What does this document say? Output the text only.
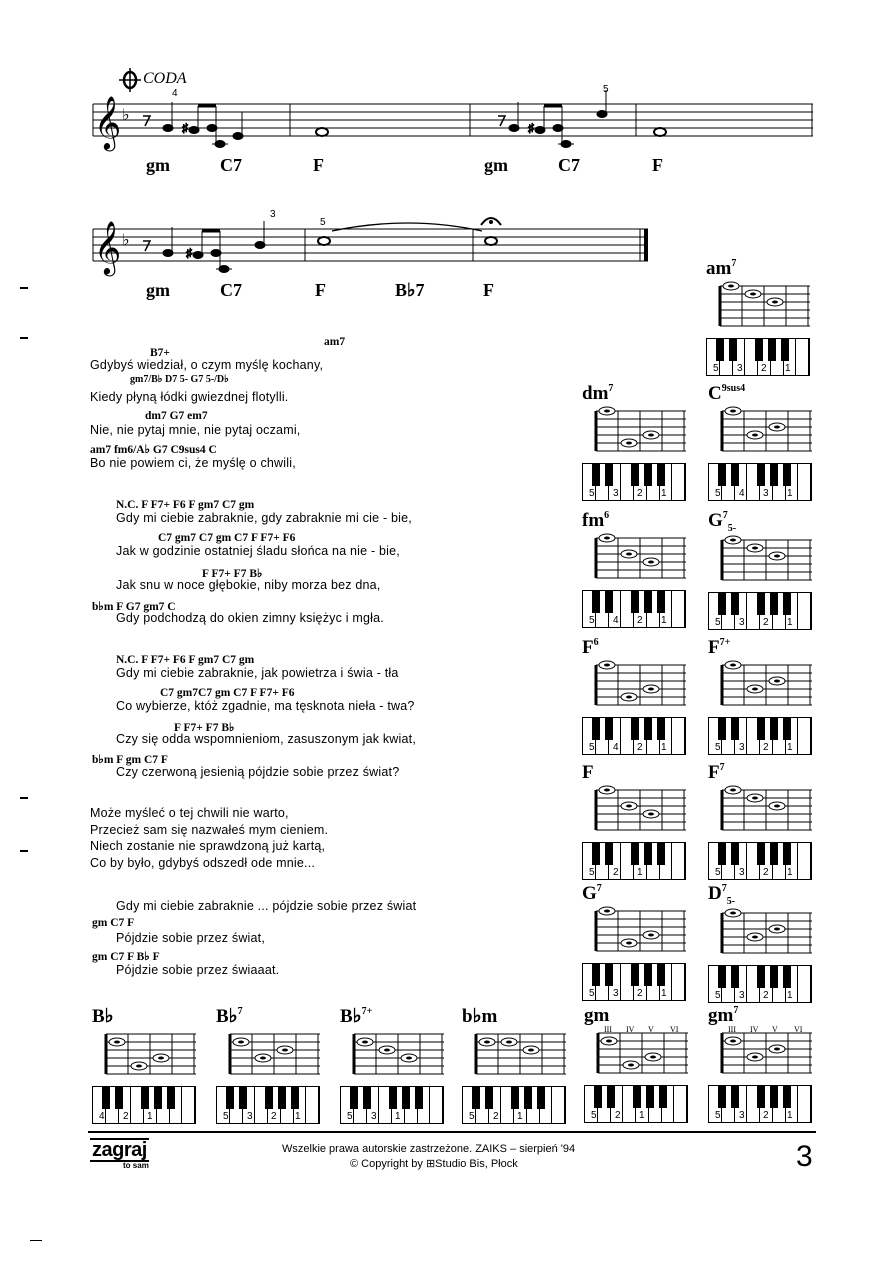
CODA
𝄞 ♭
♯	♯
4	5
gm	C7	F	gm	C7	F
𝄞 ♭
♯
3
5
gm	C7	F	B♭7	F
am7
B7+
Gdybyś wiedział, o czym myślę kochany,
gm7/B♭ D7 5- G7 5-/D♭
Kiedy płyną łódki gwiezdnej flotylli.
dm7 G7 em7
Nie, nie pytaj mnie, nie pytaj oczami,
am7 fm6/A♭ G7 C9sus4 C
Bo nie powiem ci, że myślę o chwili,
N.C. F F7+ F6 F gm7 C7 gm
Gdy mi ciebie zabraknie, gdy zabraknie mi cie - bie,
C7 gm7 C7 gm C7 F F7+ F6
Jak w godzinie ostatniej śladu słońca na nie - bie,
F F7+ F7 B♭
Jak snu w noce głębokie, niby morza bez dna,
b♭m F G7 gm7 C
Gdy podchodzą do okien zimny księżyc i mgła.
N.C. F F7+ F6 F gm7 C7 gm
Gdy mi ciebie zabraknie, jak powietrza i świa - tła
C7 gm7C7 gm C7 F F7+ F6
Co wybierze, któż zgadnie, ma tęsknota nieła - twa?
F F7+ F7 B♭
Czy się odda wspomnieniom, zasuszonym jak kwiat,
b♭m F gm C7 F
Czy czerwoną jesienią pójdzie sobie przez świat?
Może myśleć o tej chwili nie warto,
Przecież sam się nazwałeś mym cieniem.
Niech zostanie nie sprawdzoną już kartą,
Co by było, gdybyś odszedł ode mnie...
Gdy mi ciebie zabraknie ... pójdzie sobie przez świat
gm C7 F
Pójdzie sobie przez świat,
gm C7 F B♭ F
Pójdzie sobie przez świaaat.
$am^7$
5 3 2 1
$dm^7$
5 3 2 1
$C^{9sus4}$
5 4 3 1
$fm^6$
5 4 2 1
$G^7_{5-}$
5 3 2 1
$F^6$
5 4 2 1
$F^{7+}$
5 3 2 1
F
5 2 1
$F^7$
5 3 2 1
$G^7$
5 3 2 1
$D^7_{5-}$
5 3 2 1
B♭
4 2 1
B♭$^7$
5 3 2 1
B♭$^{7+}$
5 3 1
b♭m
5 2 1
gm
III IV V VI
5 2 1
$gm^7$
III IV V VI
5 3 2 1
zagraj
to sam
Wszelkie prawa autorskie zastrzeżone. ZAIKS – sierpień '94
© Copyright by ⊞Studio Bis, Płock	3
